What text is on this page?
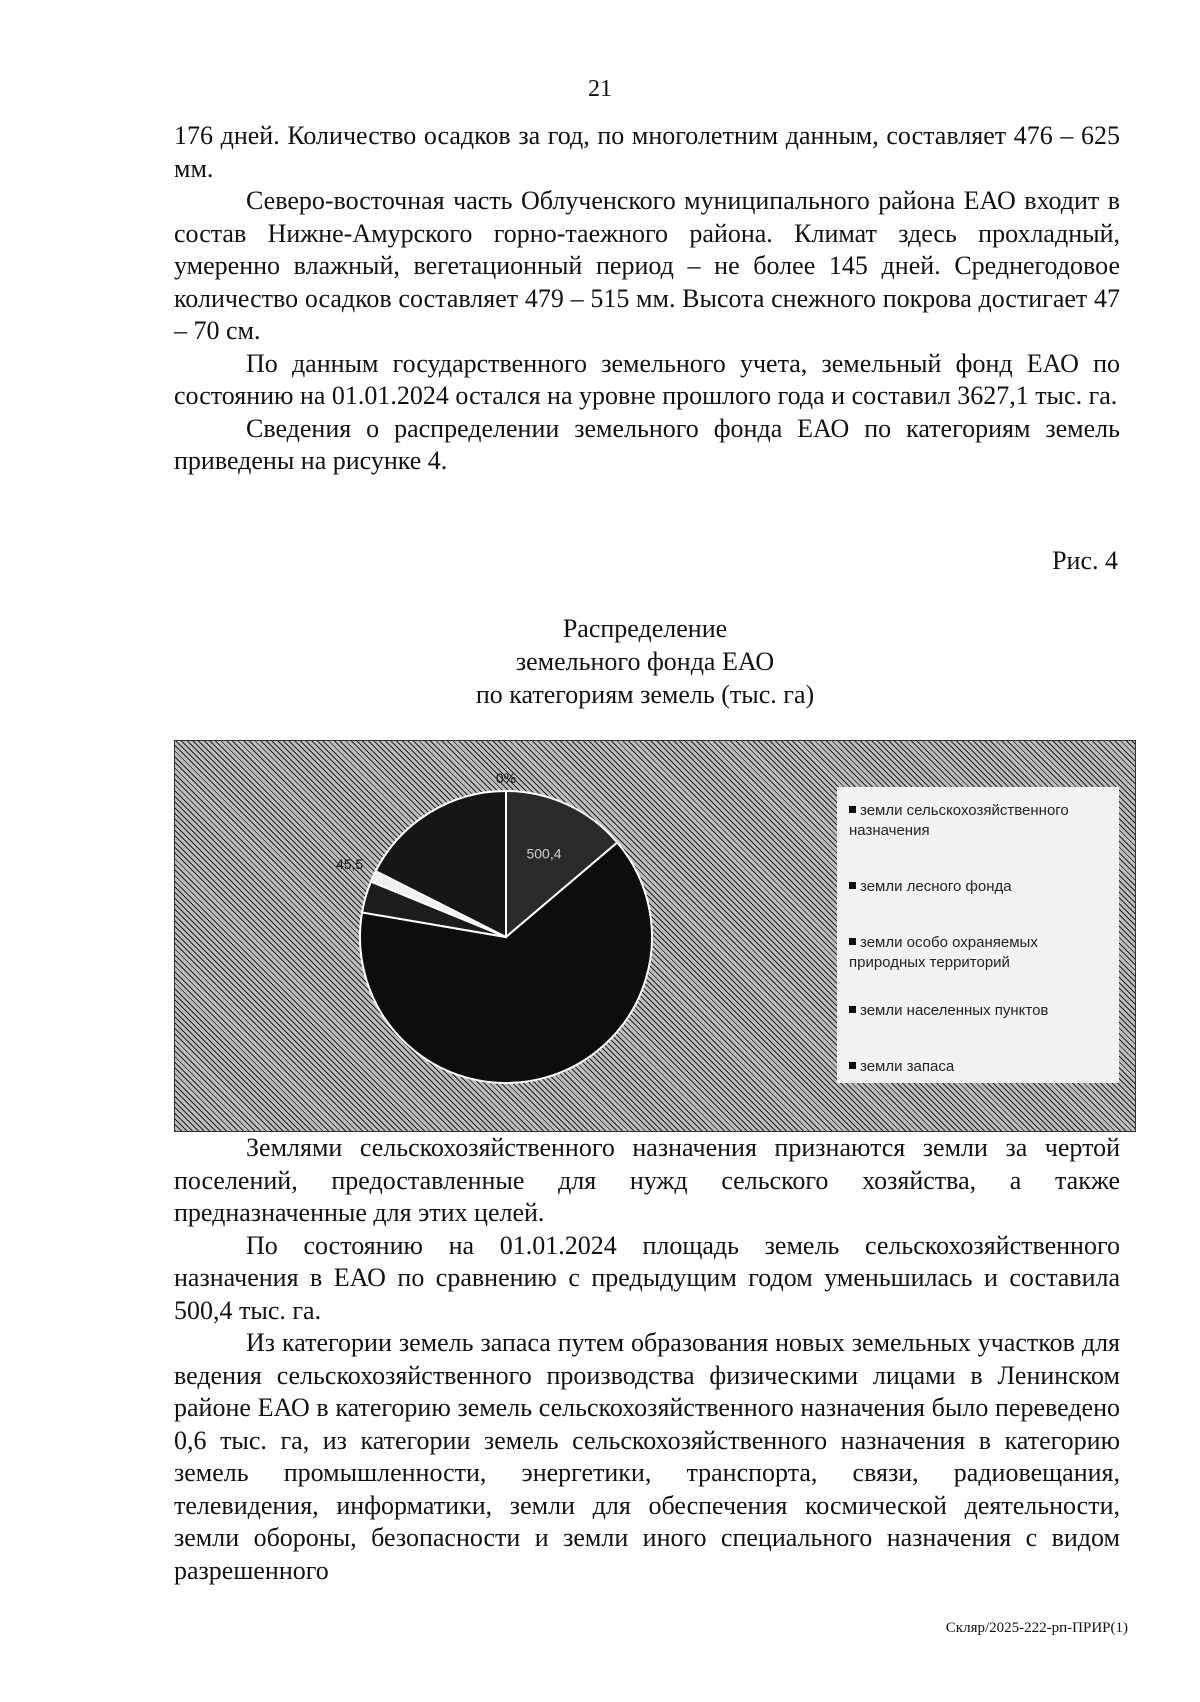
21

176 дней. Количество осадков за год, по многолетним данным, составляет 476 – 625 мм.

Северо-восточная часть Облученского муниципального района ЕАО входит в состав Нижне-Амурского горно-таежного района. Климат здесь прохладный, умеренно влажный, вегетационный период – не более 145 дней. Среднегодовое количество осадков составляет 479 – 515 мм. Высота снежного покрова достигает 47 – 70 см.

По данным государственного земельного учета, земельный фонд ЕАО по состоянию на 01.01.2024 остался на уровне прошлого года и составил 3627,1 тыс. га.

Сведения о распределении земельного фонда ЕАО по категориям земель приведены на рисунке 4.

Рис. 4
Распределение
земельного фонда ЕАО
по категориям земель (тыс. га)
500,4
45,5
0%
земли сельскохозяйственного назначения
земли лесного фонда
земли особо охраняемых природных территорий
земли населенных пунктов
земли запаса

Землями сельскохозяйственного назначения признаются земли за чертой поселений, предоставленные для нужд сельского хозяйства, а также предназначенные для этих целей.

По состоянию на 01.01.2024 площадь земель сельскохозяйственного назначения в ЕАО по сравнению с предыдущим годом уменьшилась и составила 500,4 тыс. га.

Из категории земель запаса путем образования новых земельных участков для ведения сельскохозяйственного производства физическими лицами в Ленинском районе ЕАО в категорию земель сельскохозяйственного назначения было переведено 0,6 тыс. га, из категории земель сельскохозяйственного назначения в категорию земель промышленности, энергетики, транспорта, связи, радиовещания, телевидения, информатики, земли для обеспечения космической деятельности, земли обороны, безопасности и земли иного специального назначения с видом разрешенного

Скляр/2025-222-рп-ПРИР(1)
